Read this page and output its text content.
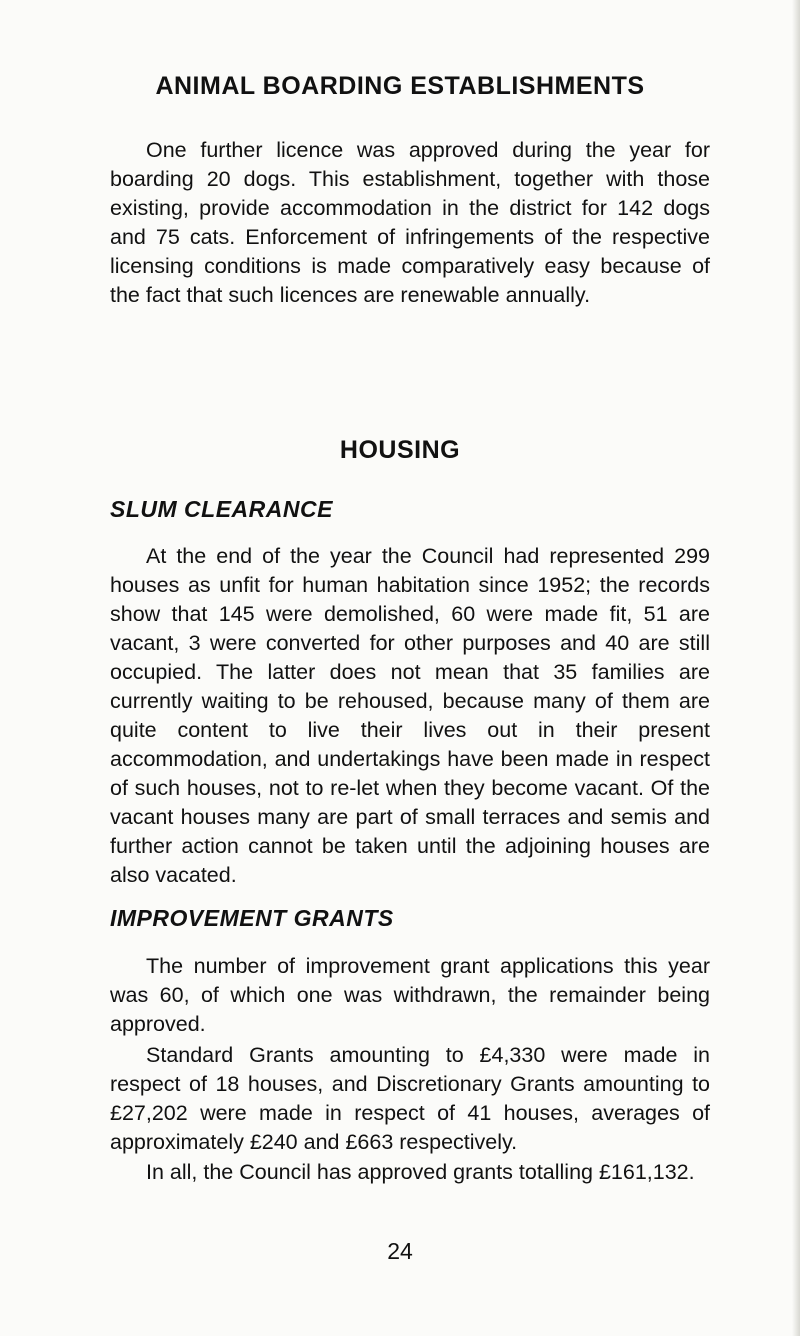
ANIMAL BOARDING ESTABLISHMENTS

One further licence was approved during the year for boarding 20 dogs. This establishment, together with those existing, provide accommodation in the district for 142 dogs and 75 cats. Enforcement of infringements of the respective licensing conditions is made comparatively easy because of the fact that such licences are renewable annually.

HOUSING
SLUM CLEARANCE

At the end of the year the Council had represented 299 houses as unfit for human habitation since 1952; the records show that 145 were demolished, 60 were made fit, 51 are vacant, 3 were converted for other purposes and 40 are still occupied. The latter does not mean that 35 families are currently waiting to be rehoused, because many of them are quite content to live their lives out in their present accommodation, and undertakings have been made in respect of such houses, not to re-let when they become vacant. Of the vacant houses many are part of small terraces and semis and further action cannot be taken until the adjoining houses are also vacated.

IMPROVEMENT GRANTS

The number of improvement grant applications this year was 60, of which one was withdrawn, the remainder being approved.

Standard Grants amounting to £4,330 were made in respect of 18 houses, and Discretionary Grants amounting to £27,202 were made in respect of 41 houses, averages of approximately £240 and £663 respectively.

In all, the Council has approved grants totalling £161,132.

24
